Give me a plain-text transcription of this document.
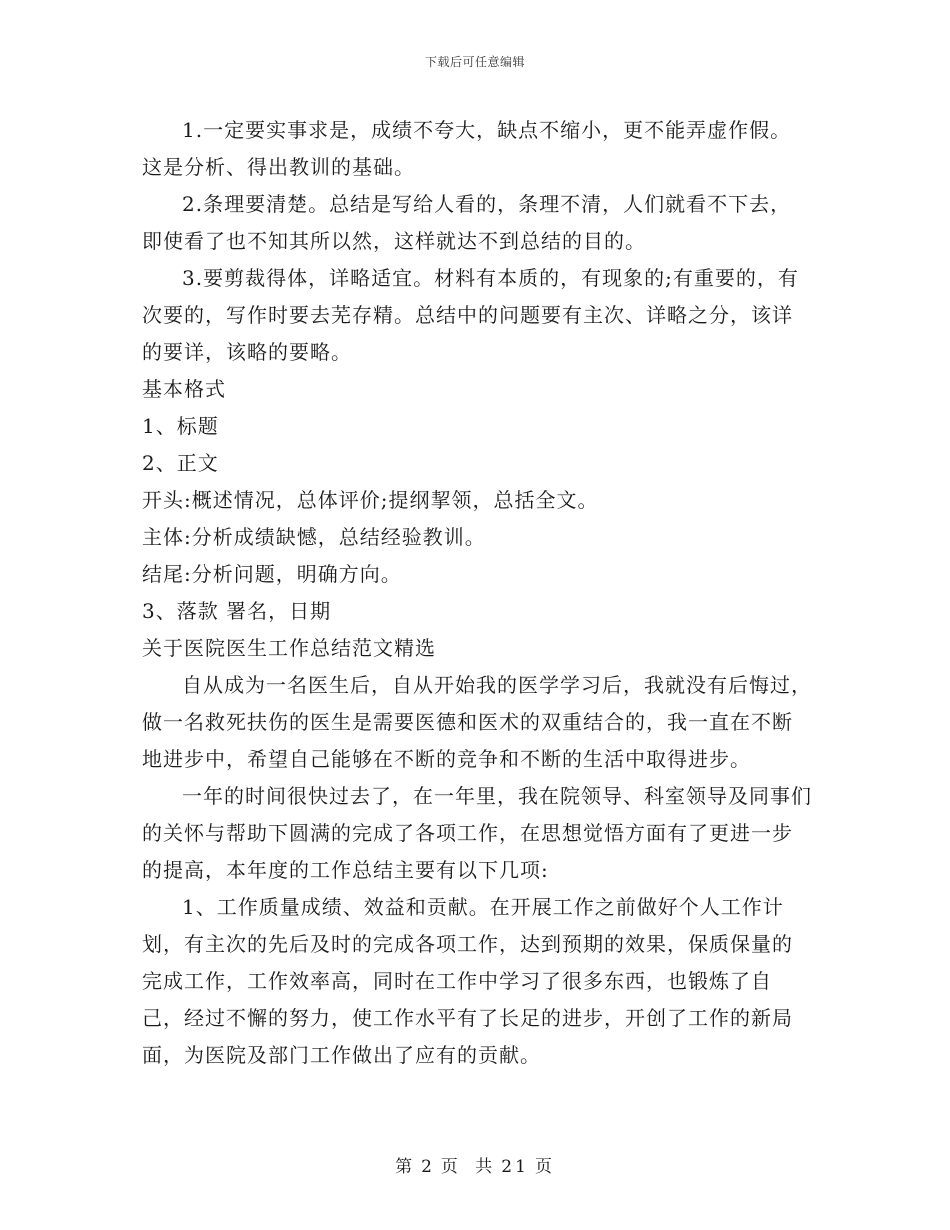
下载后可任意编辑

1.一定要实事求是，成绩不夸大，缺点不缩小，更不能弄虚作假。这是分析、得出教训的基础。

2.条理要清楚。总结是写给人看的，条理不清，人们就看不下去，即使看了也不知其所以然，这样就达不到总结的目的。

3.要剪裁得体，详略适宜。材料有本质的，有现象的;有重要的，有次要的，写作时要去芜存精。总结中的问题要有主次、详略之分，该详的要详，该略的要略。

基本格式

1、标题

2、正文

开头:概述情况，总体评价;提纲挈领，总括全文。

主体:分析成绩缺憾，总结经验教训。

结尾:分析问题，明确方向。

3、落款 署名，日期

关于医院医生工作总结范文精选

自从成为一名医生后，自从开始我的医学学习后，我就没有后悔过，做一名救死扶伤的医生是需要医德和医术的双重结合的，我一直在不断地进步中，希望自己能够在不断的竞争和不断的生活中取得进步。

一年的时间很快过去了，在一年里，我在院领导、科室领导及同事们的关怀与帮助下圆满的完成了各项工作，在思想觉悟方面有了更进一步的提高，本年度的工作总结主要有以下几项:

1、工作质量成绩、效益和贡献。在开展工作之前做好个人工作计划，有主次的先后及时的完成各项工作，达到预期的效果，保质保量的完成工作，工作效率高，同时在工作中学习了很多东西，也锻炼了自己，经过不懈的努力，使工作水平有了长足的进步，开创了工作的新局面，为医院及部门工作做出了应有的贡献。

第 2 页 共 21 页
